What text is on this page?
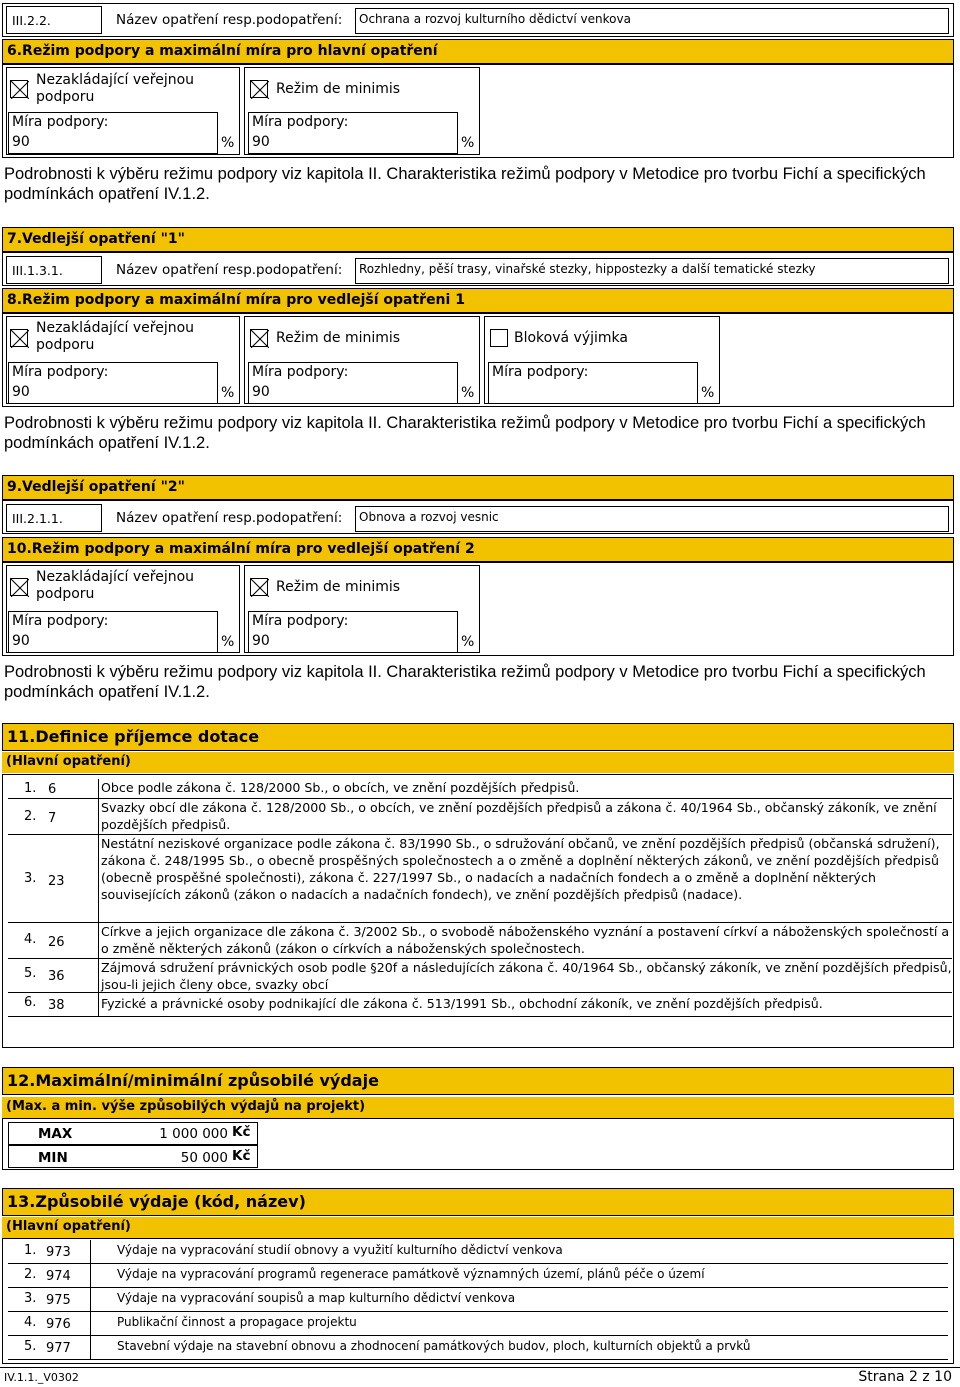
III.2.2.	Název opatření resp.podopatření:	Ochrana a rozvoj kulturního dědictví venkova
6.Režim podpory a maximální míra pro hlavní opatření
Nezakládající veřejnou podporu	Režim de minimis
Míra podpory:
90	%
Míra podpory:
90	%
Podrobnosti k výběru režimu podpory viz kapitola II. Charakteristika režimů podpory v Metodice pro tvorbu Fichí a specifických podmínkách opatření IV.1.2.
7.Vedlejší opatření "1"
III.1.3.1.	Název opatření resp.podopatření:	Rozhledny, pěší trasy, vinařské stezky, hippostezky a další tematické stezky
8.Režim podpory a maximální míra pro vedlejší opatřeni 1
Nezakládající veřejnou podporu	Režim de minimis	Bloková výjimka
Míra podpory:
90	%
Míra podpory:
90	%
Míra podpory:
%
Podrobnosti k výběru režimu podpory viz kapitola II. Charakteristika režimů podpory v Metodice pro tvorbu Fichí a specifických podmínkách opatření IV.1.2.
9.Vedlejší opatření "2"
III.2.1.1.	Název opatření resp.podopatření:	Obnova a rozvoj vesnic
10.Režim podpory a maximální míra pro vedlejší opatření 2
Nezakládající veřejnou podporu	Režim de minimis
Míra podpory:
90	%
Míra podpory:
90	%
Podrobnosti k výběru režimu podpory viz kapitola II. Charakteristika režimů podpory v Metodice pro tvorbu Fichí a specifických podmínkách opatření IV.1.2.
11.Definice příjemce dotace
(Hlavní opatření)
1. 6	Obce podle zákona č. 128/2000 Sb., o obcích, ve znění pozdějších předpisů.
2. 7
Svazky obcí dle zákona č. 128/2000 Sb., o obcích, ve znění pozdějších předpisů a zákona č. 40/1964 Sb., občanský zákoník, ve znění pozdějších předpisů.
3. 23
Nestátní neziskové organizace podle zákona č. 83/1990 Sb., o sdružování občanů, ve znění pozdějších předpisů (občanská sdružení), zákona č. 248/1995 Sb., o obecně prospěšných společnostech a o změně a doplnění některých zákonů, ve znění pozdějších předpisů (obecně prospěšné společnosti), zákona č. 227/1997 Sb., o nadacích a nadačních fondech a o změně a doplnění některých souvisejících zákonů (zákon o nadacích a nadačních fondech), ve znění pozdějších předpisů (nadace).
4. 26
Církve a jejich organizace dle zákona č. 3/2002 Sb., o svobodě náboženského vyznání a postavení církví a náboženských společností a o změně některých zákonů (zákon o církvích a náboženských společnostech.
5. 36
Zájmová sdružení právnických osob podle §20f a následujících zákona č. 40/1964 Sb., občanský zákoník, ve znění pozdějších předpisů, jsou-li jejich členy obce, svazky obcí
6. 38	Fyzické a právnické osoby podnikající dle zákona č. 513/1991 Sb., obchodní zákoník, ve znění pozdějších předpisů.
12.Maximální/minimální způsobilé výdaje
(Max. a min. výše způsobilých výdajů na projekt)
MAX	1 000 000 Kč
MIN	50 000 Kč
13.Způsobilé výdaje (kód, název)
(Hlavní opatření)
1. 973	Výdaje na vypracování studií obnovy a využití kulturního dědictví venkova
2. 974	Výdaje na vypracování programů regenerace památkově významných území, plánů péče o území
3. 975	Výdaje na vypracování soupisů a map kulturního dědictví venkova
4. 976	Publikační činnost a propagace projektu
5. 977	Stavební výdaje na stavební obnovu a zhodnocení památkových budov, ploch, kulturních objektů a prvků
IV.1.1._V0302	Strana 2 z 10
